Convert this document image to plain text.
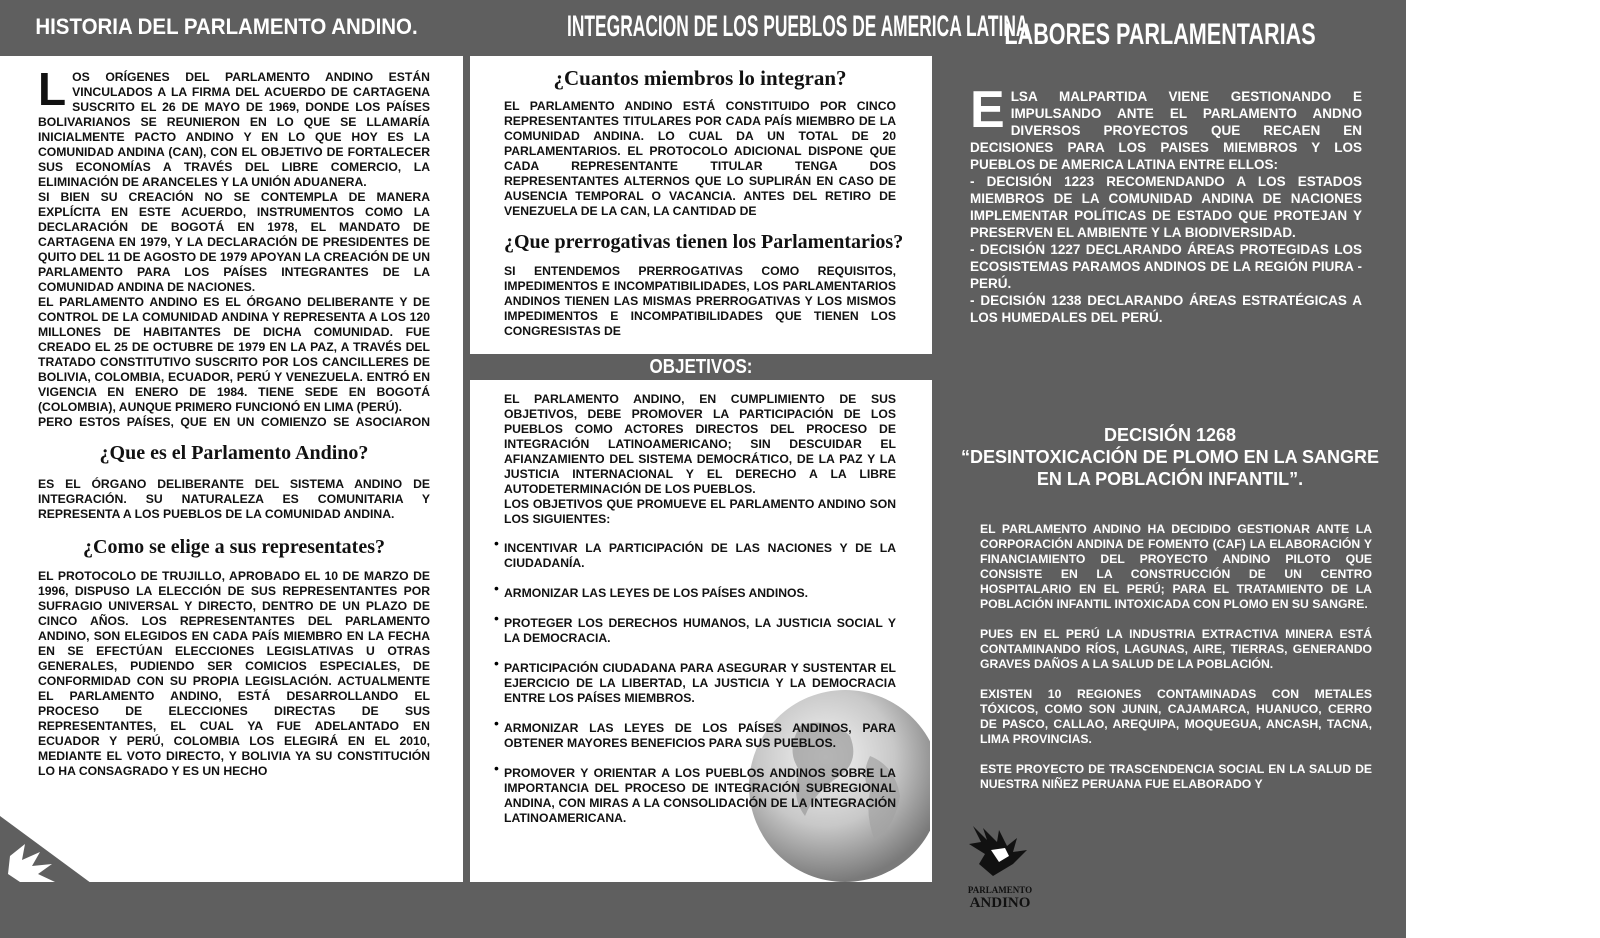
HISTORIA DEL PARLAMENTO ANDINO.

LOS ORÍGENES DEL PARLAMENTO ANDINO ESTÁN VINCULADOS A LA FIRMA DEL ACUERDO DE CARTAGENA SUSCRITO EL 26 DE MAYO DE 1969, DONDE LOS PAÍSES BOLIVARIANOS SE REUNIERON EN LO QUE SE LLAMARÍA INICIALMENTE PACTO ANDINO Y EN LO QUE HOY ES LA COMUNIDAD ANDINA (CAN), CON EL OBJETIVO DE FORTALECER SUS ECONOMÍAS A TRAVÉS DEL LIBRE COMERCIO, LA ELIMINACIÓN DE ARANCELES Y LA UNIÓN ADUANERA.

SI BIEN SU CREACIÓN NO SE CONTEMPLA DE MANERA EXPLÍCITA EN ESTE ACUERDO, INSTRUMENTOS COMO LA DECLARACIÓN DE BOGOTÁ EN 1978, EL MANDATO DE CARTAGENA EN 1979, Y LA DECLARACIÓN DE PRESIDENTES DE QUITO DEL 11 DE AGOSTO DE 1979 APOYAN LA CREACIÓN DE UN PARLAMENTO PARA LOS PAÍSES INTEGRANTES DE LA COMUNIDAD ANDINA DE NACIONES.

EL PARLAMENTO ANDINO ES EL ÓRGANO DELIBERANTE Y DE CONTROL DE LA COMUNIDAD ANDINA Y REPRESENTA A LOS 120 MILLONES DE HABITANTES DE DICHA COMUNIDAD. FUE CREADO EL 25 DE OCTUBRE DE 1979 EN LA PAZ, A TRAVÉS DEL TRATADO CONSTITUTIVO SUSCRITO POR LOS CANCILLERES DE BOLIVIA, COLOMBIA, ECUADOR, PERÚ Y VENEZUELA. ENTRÓ EN VIGENCIA EN ENERO DE 1984. TIENE SEDE EN BOGOTÁ (COLOMBIA), AUNQUE PRIMERO FUNCIONÓ EN LIMA (PERÚ).

PERO ESTOS PAÍSES, QUE EN UN COMIENZO SE ASOCIARON

¿Que es el Parlamento Andino?

ES EL ÓRGANO DELIBERANTE DEL SISTEMA ANDINO DE INTEGRACIÓN. SU NATURALEZA ES COMUNITARIA Y REPRESENTA A LOS PUEBLOS DE LA COMUNIDAD ANDINA.

¿Como se elige a sus representates?

EL PROTOCOLO DE TRUJILLO, APROBADO EL 10 DE MARZO DE 1996, DISPUSO LA ELECCIÓN DE SUS REPRESENTANTES POR SUFRAGIO UNIVERSAL Y DIRECTO, DENTRO DE UN PLAZO DE CINCO AÑOS. LOS REPRESENTANTES DEL PARLAMENTO ANDINO, SON ELEGIDOS EN CADA PAÍS MIEMBRO EN LA FECHA EN SE EFECTÚAN ELECCIONES LEGISLATIVAS U OTRAS GENERALES, PUDIENDO SER COMICIOS ESPECIALES, DE CONFORMIDAD CON SU PROPIA LEGISLACIÓN. ACTUALMENTE EL PARLAMENTO ANDINO, ESTÁ DESARROLLANDO EL PROCESO DE ELECCIONES DIRECTAS DE SUS REPRESENTANTES, EL CUAL YA FUE ADELANTADO EN ECUADOR Y PERÚ, COLOMBIA LOS ELEGIRÁ EN EL 2010, MEDIANTE EL VOTO DIRECTO, Y BOLIVIA YA SU CONSTITUCIÓN LO HA CONSAGRADO Y ES UN HECHO

INTEGRACION DE LOS PUEBLOS DE AMERICA LATINA

¿Cuantos miembros lo integran?

EL PARLAMENTO ANDINO ESTÁ CONSTITUIDO POR CINCO REPRESENTANTES TITULARES POR CADA PAÍS MIEMBRO DE LA COMUNIDAD ANDINA. LO CUAL DA UN TOTAL DE 20 PARLAMENTARIOS. EL PROTOCOLO ADICIONAL DISPONE QUE CADA REPRESENTANTE TITULAR TENGA DOS REPRESENTANTES ALTERNOS QUE LO SUPLIRÁN EN CASO DE AUSENCIA TEMPORAL O VACANCIA. ANTES DEL RETIRO DE VENEZUELA DE LA CAN, LA CANTIDAD DE

¿Que prerrogativas tienen los Parlamentarios?

SI ENTENDEMOS PRERROGATIVAS COMO REQUISITOS, IMPEDIMENTOS E INCOMPATIBILIDADES, LOS PARLAMENTARIOS ANDINOS TIENEN LAS MISMAS PRERROGATIVAS Y LOS MISMOS IMPEDIMENTOS E INCOMPATIBILIDADES QUE TIENEN LOS CONGRESISTAS DE

OBJETIVOS:

EL PARLAMENTO ANDINO, EN CUMPLIMIENTO DE SUS OBJETIVOS, DEBE PROMOVER LA PARTICIPACIÓN DE LOS PUEBLOS COMO ACTORES DIRECTOS DEL PROCESO DE INTEGRACIÓN LATINOAMERICANO; SIN DESCUIDAR EL AFIANZAMIENTO DEL SISTEMA DEMOCRÁTICO, DE LA PAZ Y LA JUSTICIA INTERNACIONAL Y EL DERECHO A LA LIBRE AUTODETERMINACIÓN DE LOS PUEBLOS.

LOS OBJETIVOS QUE PROMUEVE EL PARLAMENTO ANDINO SON LOS SIGUIENTES:

• INCENTIVAR LA PARTICIPACIÓN DE LAS NACIONES Y DE LA CIUDADANÍA.

• ARMONIZAR LAS LEYES DE LOS PAÍSES ANDINOS.

• PROTEGER LOS DERECHOS HUMANOS, LA JUSTICIA SOCIAL Y LA DEMOCRACIA.

• PARTICIPACIÓN CIUDADANA PARA ASEGURAR Y SUSTENTAR EL EJERCICIO DE LA LIBERTAD, LA JUSTICIA Y LA DEMOCRACIA ENTRE LOS PAÍSES MIEMBROS.

• ARMONIZAR LAS LEYES DE LOS PAÍSES ANDINOS, PARA OBTENER MAYORES BENEFICIOS PARA SUS PUEBLOS.

• PROMOVER Y ORIENTAR A LOS PUEBLOS ANDINOS SOBRE LA IMPORTANCIA DEL PROCESO DE INTEGRACIÓN SUBREGIONAL ANDINA, CON MIRAS A LA CONSOLIDACIÓN DE LA INTEGRACIÓN LATINOAMERICANA.

LABORES PARLAMENTARIAS

ELSA MALPARTIDA VIENE GESTIONANDO E IMPULSANDO ANTE EL PARLAMENTO ANDNO DIVERSOS PROYECTOS QUE RECAEN EN DECISIONES PARA LOS PAISES MIEMBROS Y LOS PUEBLOS DE AMERICA LATINA ENTRE ELLOS:

- DECISIÓN 1223 RECOMENDANDO A LOS ESTADOS MIEMBROS DE LA COMUNIDAD ANDINA DE NACIONES IMPLEMENTAR POLÍTICAS DE ESTADO QUE PROTEJAN Y PRESERVEN EL AMBIENTE Y LA BIODIVERSIDAD.

- DECISIÓN 1227 DECLARANDO ÁREAS PROTEGIDAS LOS ECOSISTEMAS PARAMOS ANDINOS DE LA REGIÓN PIURA - PERÚ.

- DECISIÓN 1238 DECLARANDO ÁREAS ESTRATÉGICAS A LOS HUMEDALES DEL PERÚ.

DECISIÓN 1268
“DESINTOXICACIÓN DE PLOMO EN LA SANGRE
EN LA POBLACIÓN INFANTIL”.

EL PARLAMENTO ANDINO HA DECIDIDO GESTIONAR ANTE LA CORPORACIÓN ANDINA DE FOMENTO (CAF) LA ELABORACIÓN Y FINANCIAMIENTO DEL PROYECTO ANDINO PILOTO QUE CONSISTE EN LA CONSTRUCCIÓN DE UN CENTRO HOSPITALARIO EN EL PERÚ; PARA EL TRATAMIENTO DE LA POBLACIÓN INFANTIL INTOXICADA CON PLOMO EN SU SANGRE.

PUES EN EL PERÚ LA INDUSTRIA EXTRACTIVA MINERA ESTÁ CONTAMINANDO RÍOS, LAGUNAS, AIRE, TIERRAS, GENERANDO GRAVES DAÑOS A LA SALUD DE LA POBLACIÓN.

EXISTEN 10 REGIONES CONTAMINADAS CON METALES TÓXICOS, COMO SON JUNIN, CAJAMARCA, HUANUCO, CERRO DE PASCO, CALLAO, AREQUIPA, MOQUEGUA, ANCASH, TACNA, LIMA PROVINCIAS.

ESTE PROYECTO DE TRASCENDENCIA SOCIAL EN LA SALUD DE NUESTRA NIÑEZ PERUANA FUE ELABORADO Y

PARLAMENTO
ANDINO
